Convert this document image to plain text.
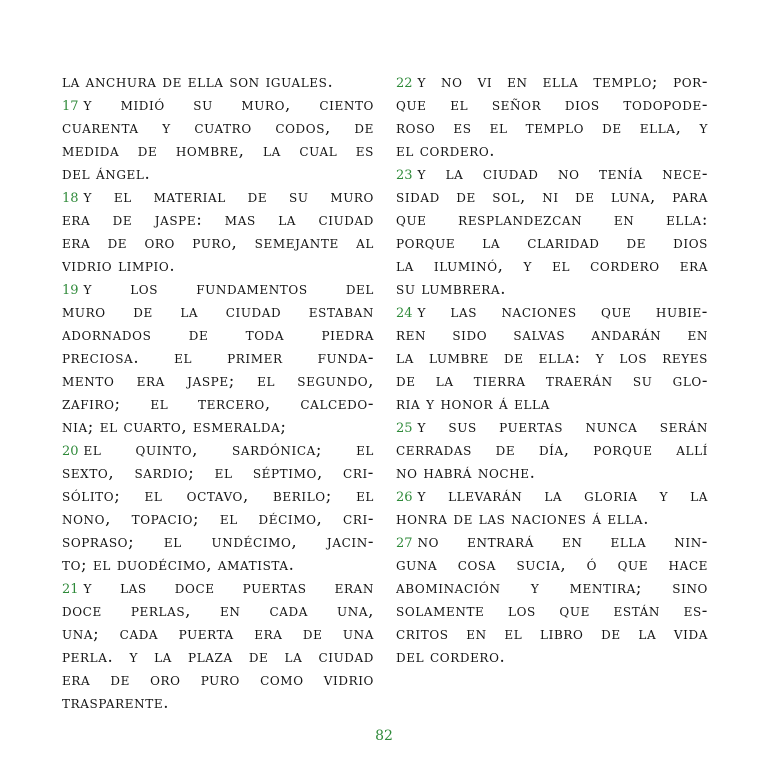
la anchura de ella son iguales.
17 y midió su muro, ciento
cuarenta y cuatro codos, de
medida de hombre, la cual es
del ángel.
18 y el material de su muro
era de jaspe: mas la ciudad
era de oro puro, semejante al
vidrio limpio.
19 y los fundamentos del
muro de la ciudad estaban
adornados de toda piedra
preciosa. el primer funda-
mento era jaspe; el segundo,
zafiro; el tercero, calcedo-
nia; el cuarto, esmeralda;
20 el quinto, sardónica; el
sexto, sardio; el séptimo, cri-
sólito; el octavo, berilo; el
nono, topacio; el décimo, cri-
sopraso; el undécimo, jacin-
to; el duodécimo, amatista.
21 y las doce puertas eran
doce perlas, en cada una,
una; cada puerta era de una
perla. y la plaza de la ciudad
era de oro puro como vidrio
trasparente.
22 y no vi en ella templo; por-
que el señor dios todopode-
roso es el templo de ella, y
el cordero.
23 y la ciudad no tenía nece-
sidad de sol, ni de luna, para
que resplandezcan en ella:
porque la claridad de dios
la iluminó, y el cordero era
su lumbrera.
24 y las naciones que hubie-
ren sido salvas andarán en
la lumbre de ella: y los reyes
de la tierra traerán su glo-
ria y honor á ella
25 y sus puertas nunca serán
cerradas de día, porque allí
no habrá noche.
26 y llevarán la gloria y la
honra de las naciones á ella.
27 no entrará en ella nin-
guna cosa sucia, ó que hace
abominación y mentira; sino
solamente los que están es-
critos en el libro de la vida
del cordero.
82
